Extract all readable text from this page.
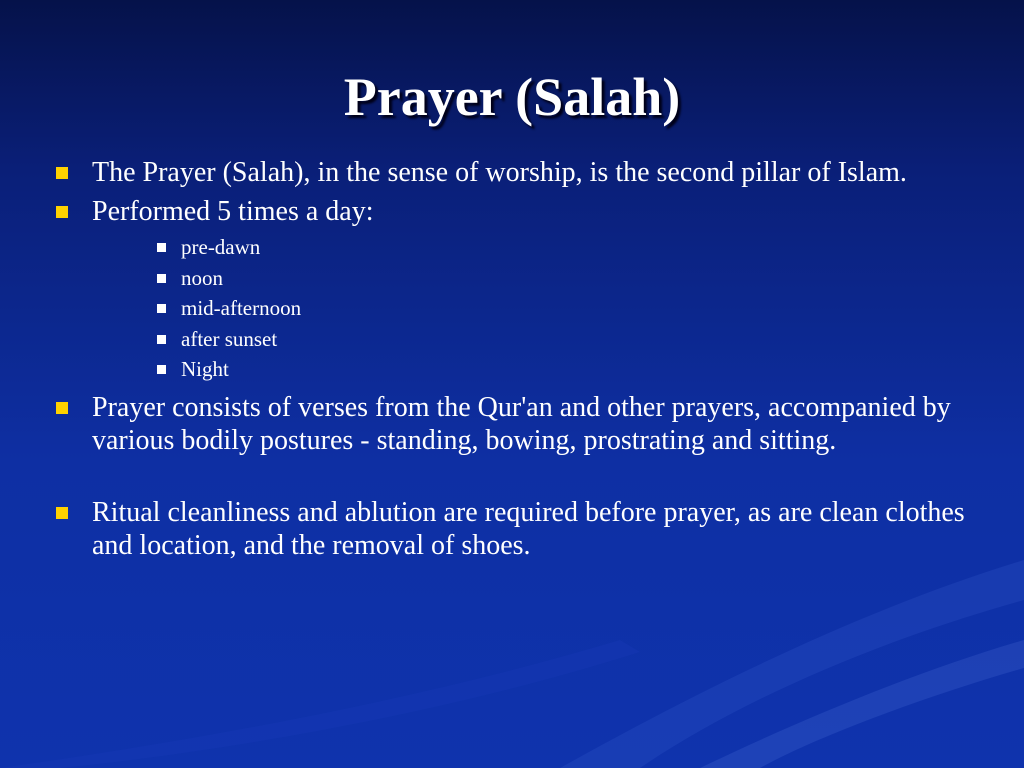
Prayer (Salah)
The Prayer (Salah), in the sense of worship, is the second pillar of Islam.
Performed 5 times a day:
pre-dawn
noon
mid-afternoon
after sunset
Night
Prayer consists of verses from the Qur'an and other prayers, accompanied by various bodily postures - standing, bowing, prostrating and sitting.
Ritual cleanliness and ablution are required before prayer, as are clean clothes and location, and the removal of shoes.
